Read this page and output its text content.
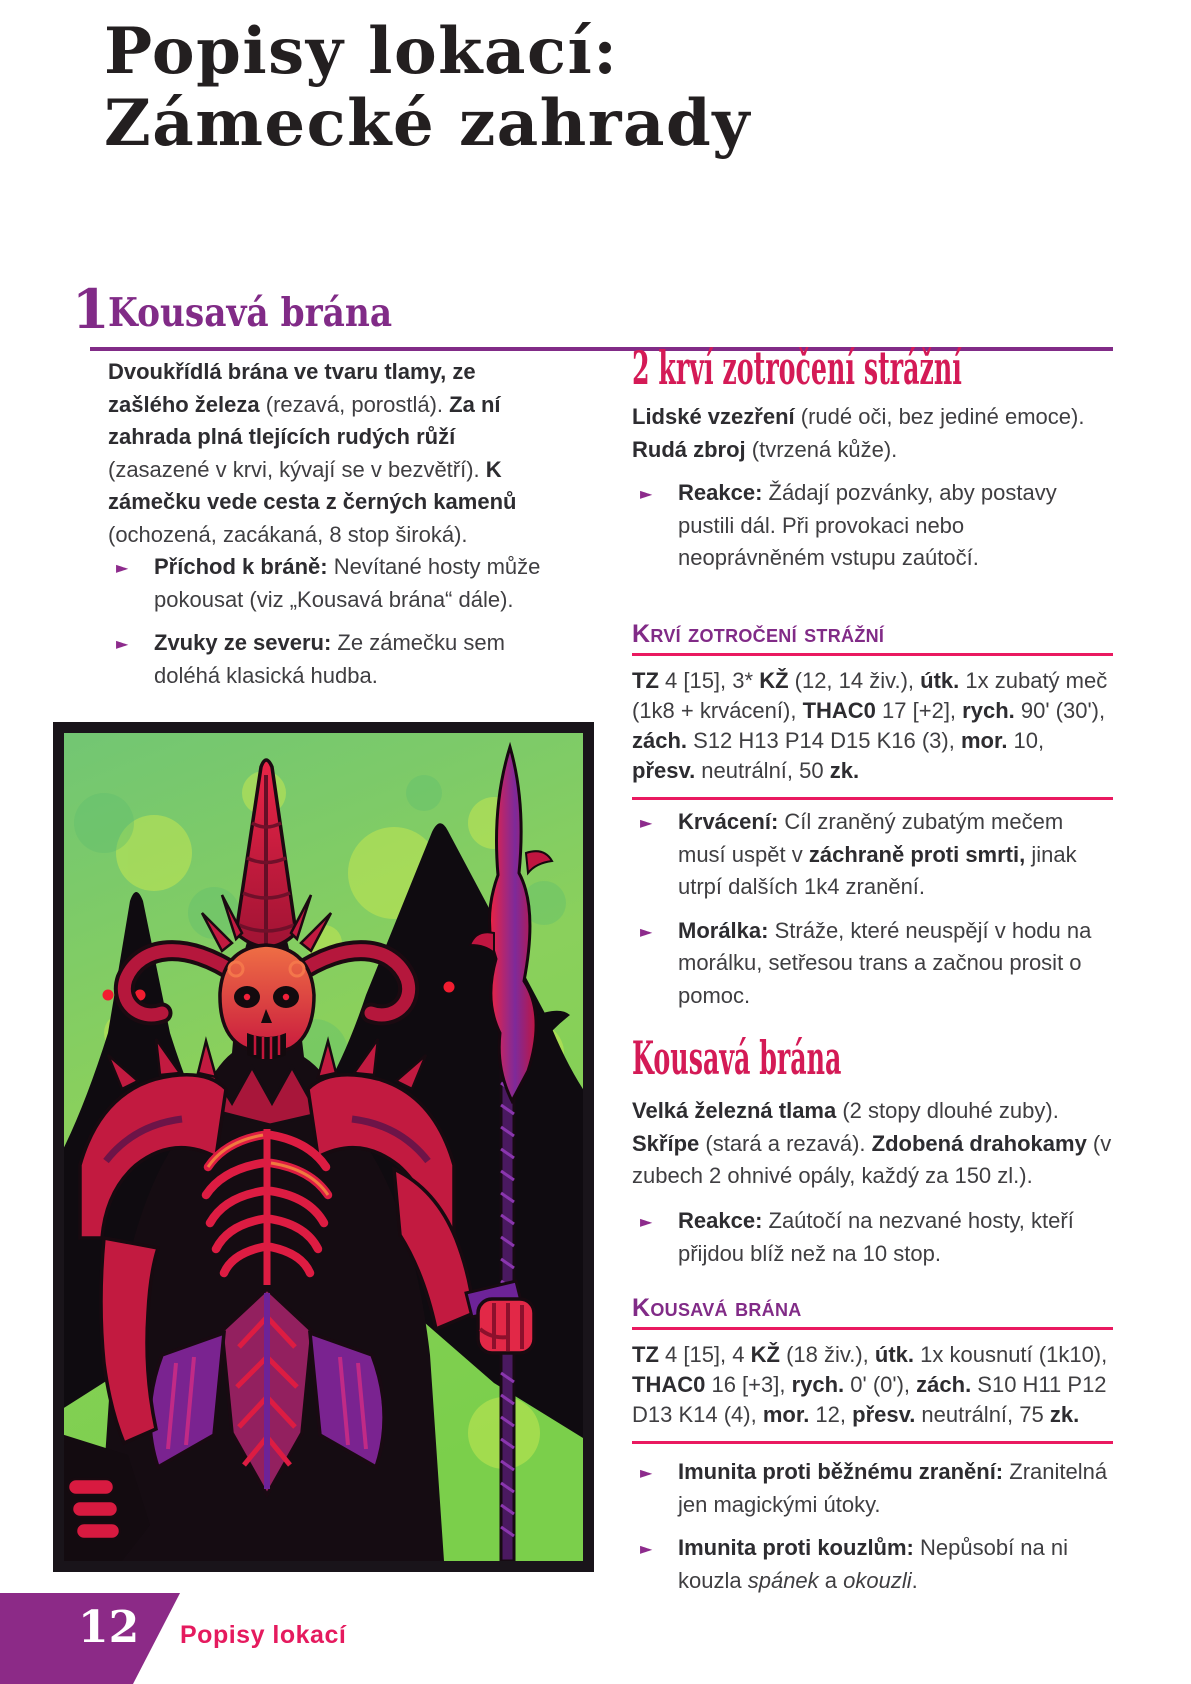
Popisy lokací:
Zámecké zahrady
1
Kousavá brána

Dvoukřídlá brána ve tvaru tlamy, ze zašlého železa (rezavá, porostlá). Za ní zahrada plná tlejících rudých růží (zasazené v krvi, kývají se v bezvětří). K zámečku vede cesta z černých kamenů (ochozená, zacákaná, 8 stop široká).

► Příchod k bráně: Nevítané hosty může pokousat (viz „Kousavá brána“ dále).
► Zvuky ze severu: Ze zámečku sem doléhá klasická hudba.
2 krví zotročení strážní

Lidské vzezření (rudé oči, bez jediné emoce). Rudá zbroj (tvrzená kůže).

► Reakce: Žádají pozvánky, aby postavy pustili dál. Při provokaci nebo neoprávněném vstupu zaútočí.
Krví zotročení strážní

TZ 4 [15], 3* KŽ (12, 14 živ.), útk. 1x zubatý meč (1k8 + krvácení), THAC0 17 [+2], rych. 90' (30'), zách. S12 H13 P14 D15 K16 (3), mor. 10, přesv. neutrální, 50 zk.

► Krvácení: Cíl zraněný zubatým mečem musí uspět v záchraně proti smrti, jinak utrpí dalších 1k4 zranění.
► Morálka: Stráže, které neuspějí v hodu na morálku, setřesou trans a začnou prosit o pomoc.
Kousavá brána

Velká železná tlama (2 stopy dlouhé zuby). Skřípe (stará a rezavá). Zdobená drahokamy (v zubech 2 ohnivé opály, každý za 150 zl.).

► Reakce: Zaútočí na nezvané hosty, kteří přijdou blíž než na 10 stop.
Kousavá brána

TZ 4 [15], 4 KŽ (18 živ.), útk. 1x kousnutí (1k10), THAC0 16 [+3], rych. 0' (0'), zách. S10 H11 P12 D13 K14 (4), mor. 12, přesv. neutrální, 75 zk.

► Imunita proti běžnému zranění: Zranitelná jen magickými útoky.
► Imunita proti kouzlům: Nepůsobí na ni kouzla spánek a okouzli.
12 Popisy lokací
